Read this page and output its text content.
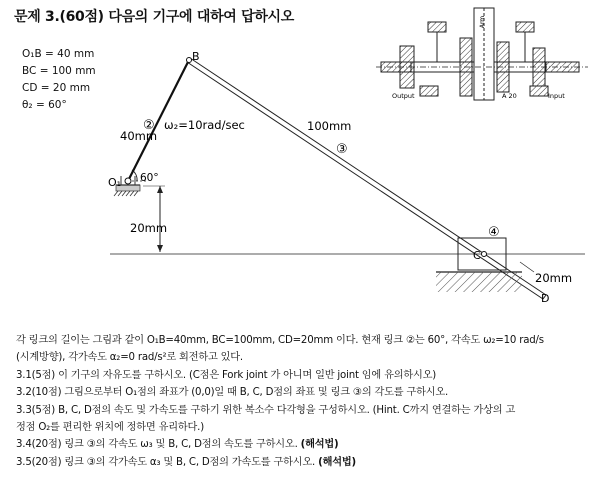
문제 3.(60점) 다음의 기구에 대하여 답하시오
O₁B = 40 mm
BC = 100 mm
CD = 20 mm
θ₂ = 60°
Arm
Output	A 20	Input
B
O₁ 60°
40mm
② ω₂=10rad/sec	100mm
③
④
C
20mm
20mm
D

각 링크의 길이는 그림과 같이 O₁B=40mm, BC=100mm, CD=20mm 이다. 현재 링크 ②는 60°, 각속도 ω₂=10 rad/s

(시계방향), 각가속도 α₂=0 rad/s²로 회전하고 있다.

3.1(5점) 이 기구의 자유도를 구하시오. (C점은 Fork joint 가 아니며 일반 joint 임에 유의하시오)

3.2(10점) 그림으로부터 O₁점의 좌표가 (0,0)일 때 B, C, D점의 좌표 및 링크 ③의 각도를 구하시오.

3.3(5점) B, C, D점의 속도 및 가속도를 구하기 위한 복소수 다각형을 구성하시오. (Hint. C까지 연결하는 가상의 고

정점 O₂를 편리한 위치에 정하면 유리하다.)

3.4(20점) 링크 ③의 각속도 ω₃ 및 B, C, D점의 속도를 구하시오. (해석법)

3.5(20점) 링크 ③의 각가속도 α₃ 및 B, C, D점의 가속도를 구하시오. (해석법)
